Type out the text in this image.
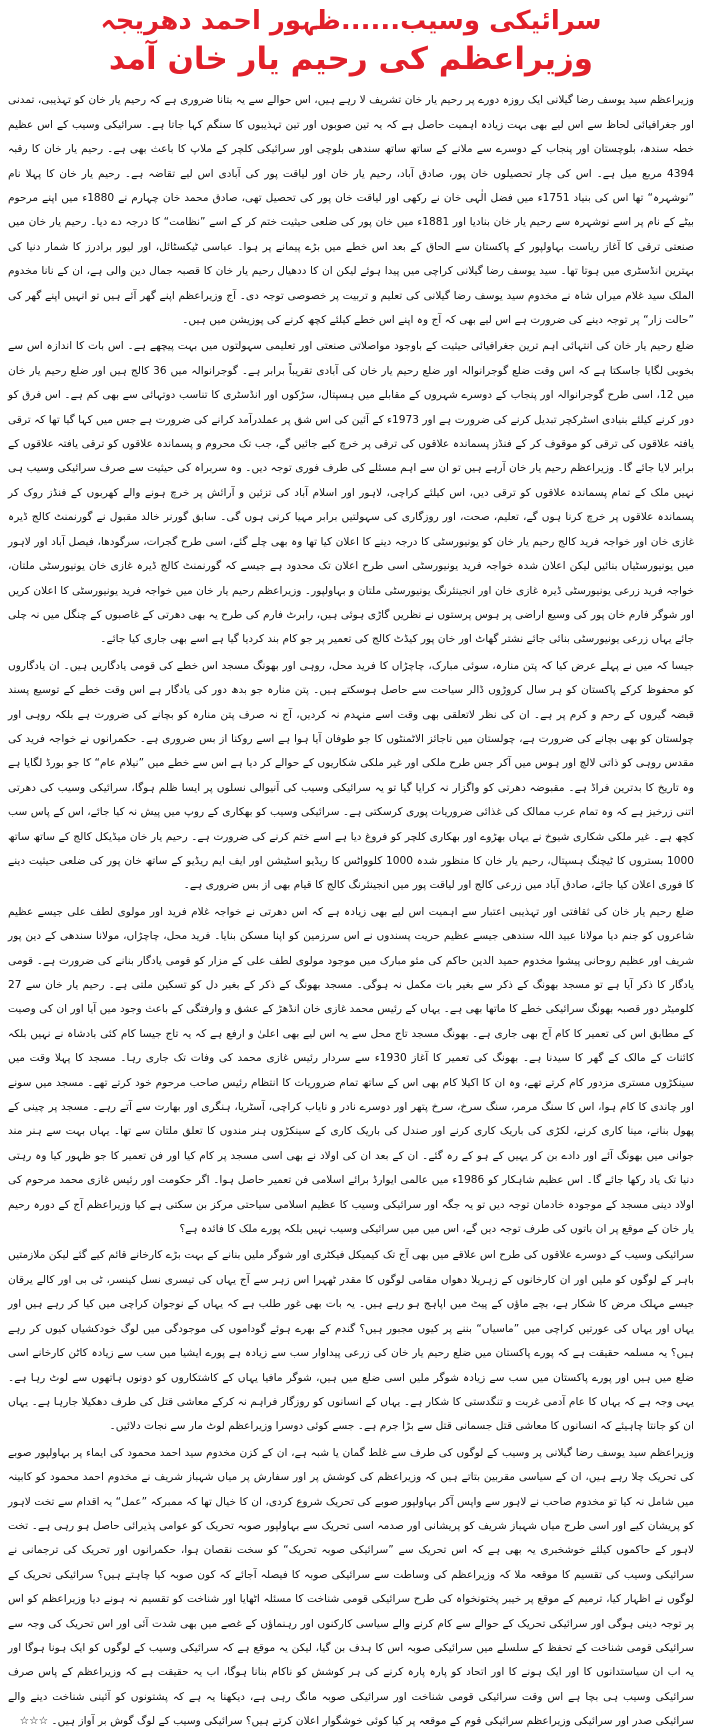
سرائیکی وسیب......ظہور احمد دھریجہ
وزیراعظم کی رحیم یار خان آمد

وزیراعظم سید یوسف رضا گیلانی ایک روزہ دورے پر رحیم یار خان تشریف لا رہے ہیں، اس حوالے سے یہ بتانا ضروری ہے کہ رحیم یار خان کو تہذیبی، تمدنی اور جغرافیائی لحاظ سے اس لیے بھی بہت زیادہ اہمیت حاصل ہے کہ یہ تین صوبوں اور تین تہذیبوں کا سنگم کہا جاتا ہے۔ سرائیکی وسیب کے اس عظیم خطہ سندھ، بلوچستان اور پنجاب کے دوسرے سے ملانے کے ساتھ ساتھ سندھی بلوچی اور سرائیکی کلچر کے ملاپ کا باعث بھی ہے۔ رحیم یار خان کا رقبہ 4394 مربع میل ہے۔ اس کی چار تحصیلوں خان پور، صادق آباد، رحیم یار خان اور لیاقت پور کی آبادی اس لیے تقاضہ ہے۔ رحیم یار خان کا پہلا نام ”نوشہرہ“ تھا اس کی بنیاد 1751ء میں فضل الٰہی خان نے رکھی اور لیاقت خان پور کی تحصیل تھی، صادق محمد خان چہارم نے 1880ء میں اپنے مرحوم بیٹے کے نام پر اسے نوشہرہ سے رحیم یار خان بنادیا اور 1881ء میں خان پور کی ضلعی حیثیت ختم کر کے اسے ”نظامت“ کا درجہ دے دیا۔ رحیم یار خان میں صنعتی ترقی کا آغاز ریاست بہاولپور کے پاکستان سے الحاق کے بعد اس خطے میں بڑے پیمانے پر ہوا۔ عباسی ٹیکسٹائل، اور لیور برادرز کا شمار دنیا کی بہترین انڈسٹری میں ہوتا تھا۔ سید یوسف رضا گیلانی کراچی میں پیدا ہوئے لیکن ان کا ددھیال رحیم یار خان کا قصبہ جمال دین والی ہے، ان کے نانا مخدوم الملک سید غلام میراں شاہ نے مخدوم سید یوسف رضا گیلانی کی تعلیم و تربیت پر خصوصی توجہ دی۔ آج وزیراعظم اپنے گھر آئے ہیں تو انہیں اپنے گھر کی ”حالت زار“ پر توجہ دینے کی ضرورت ہے اس لیے بھی کہ آج وہ اپنے اس خطے کیلئے کچھ کرنے کی پوزیشن میں ہیں۔

ضلع رحیم یار خان کی انتہائی اہم ترین جغرافیائی حیثیت کے باوجود مواصلاتی صنعتی اور تعلیمی سہولتوں میں بہت پیچھے ہے۔ اس بات کا اندازہ اس سے بخوبی لگایا جاسکتا ہے کہ اس وقت ضلع گوجرانوالہ اور ضلع رحیم یار خان کی آبادی تقریباً برابر ہے۔ گوجرانوالہ میں 36 کالج ہیں اور ضلع رحیم یار خان میں 12، اسی طرح گوجرانوالہ اور پنجاب کے دوسرے شہروں کے مقابلے میں ہسپتال، سڑکوں اور انڈسٹری کا تناسب دوتہائی سے بھی کم ہے۔ اس فرق کو دور کرنے کیلئے بنیادی اسٹرکچر تبدیل کرنے کی ضرورت ہے اور 1973ء کے آئین کی اس شق پر عملدرآمد کرانے کی ضرورت ہے جس میں کہا گیا تھا کہ ترقی یافتہ علاقوں کی ترقی کو موقوف کر کے فنڈز پسماندہ علاقوں کی ترقی پر خرچ کیے جائیں گے، جب تک محروم و پسماندہ علاقوں کو ترقی یافتہ علاقوں کے برابر لایا جائے گا۔ وزیراعظم رحیم یار خان آرہے ہیں تو ان سے اہم مسئلے کی طرف فوری توجہ دیں۔ وہ سربراہ کی حیثیت سے صرف سرائیکی وسیب ہی نہیں ملک کے تمام پسماندہ علاقوں کو ترقی دیں، اس کیلئے کراچی، لاہور اور اسلام آباد کی تزئین و آرائش پر خرچ ہونے والے کھربوں کے فنڈز روک کر پسماندہ علاقوں پر خرچ کرنا ہوں گے، تعلیم، صحت، اور روزگاری کی سہولتیں برابر مہیا کرنی ہوں گی۔ سابق گورنر خالد مقبول نے گورنمنٹ کالج ڈیرہ غازی خان اور خواجہ فرید کالج رحیم یار خان کو یونیورسٹی کا درجہ دینے کا اعلان کیا تھا وہ بھی چلے گئے، اسی طرح گجرات، سرگودھا، فیصل آباد اور لاہور میں یونیورسٹیاں بنائیں لیکن اعلان شدہ خواجہ فرید یونیورسٹی اسی طرح اعلان تک محدود ہے جیسے کہ گورنمنٹ کالج ڈیرہ غازی خان یونیورسٹی ملتان، خواجہ فرید زرعی یونیورسٹی ڈیرہ غازی خان اور انجینئرنگ یونیورسٹی ملتان و بہاولپور۔ وزیراعظم رحیم یار خان میں خواجہ فرید یونیورسٹی کا اعلان کریں اور شوگر فارم خان پور کی وسیع اراضی پر ہوس پرستوں نے نظریں گاڑی ہوئی ہیں، رابرٹ فارم کی طرح یہ بھی دھرتی کے غاصبوں کے چنگل میں نہ چلی جائے یہاں زرعی یونیورسٹی بنائی جائے نشتر گھاٹ اور خان پور کیڈٹ کالج کی تعمیر پر جو کام بند کردیا گیا ہے اسے بھی جاری کیا جائے۔

جیسا کہ میں نے پہلے عرض کیا کہ پتن منارہ، سوئی مبارک، چاچڑاں کا فرید محل، روہی اور بھونگ مسجد اس خطے کی قومی یادگاریں ہیں۔ ان یادگاروں کو محفوظ کرکے پاکستان کو ہر سال کروڑوں ڈالر سیاحت سے حاصل ہوسکتے ہیں۔ پتن منارہ جو بدھ دور کی یادگار ہے اس وقت خطے کے توسیع پسند قبضہ گیروں کے رحم و کرم پر ہے۔ ان کی نظر لاتعلقی بھی وقت اسے منہدم نہ کردیں، آج نہ صرف پتن منارہ کو بچانے کی ضرورت ہے بلکہ روہی اور چولستان کو بھی بچانے کی ضرورت ہے، چولستان میں ناجائز الاٹمنٹوں کا جو طوفان آیا ہوا ہے اسے روکنا از بس ضروری ہے۔ حکمرانوں نے خواجہ فرید کی مقدس روہی کو ذاتی لالچ اور ہوس میں آکر جس طرح ملکی اور غیر ملکی شکاریوں کے حوالے کر دیا ہے اس سے خطے میں ”نیلام عام“ کا جو بورڈ لگایا ہے وہ تاریخ کا بدترین فراڈ ہے۔ مقبوضہ دھرتی کو واگزار نہ کرایا گیا تو یہ سرائیکی وسیب کی آنیوالی نسلوں پر ایسا ظلم ہوگا، سرائیکی وسیب کی دھرتی اتنی زرخیز ہے کہ وہ تمام عرب ممالک کی غذائی ضروریات پوری کرسکتی ہے۔ سرائیکی وسیب کو بھکاری کے روپ میں پیش نہ کیا جائے، اس کے پاس سب کچھ ہے۔ غیر ملکی شکاری شیوخ نے یہاں بھڑوے اور بھکاری کلچر کو فروغ دیا ہے اسے ختم کرنے کی ضرورت ہے۔ رحیم یار خان میڈیکل کالج کے ساتھ ساتھ 1000 بستروں کا ٹیچنگ ہسپتال، رحیم یار خان کا منظور شدہ 1000 کلوواٹس کا ریڈیو اسٹیشن اور ایف ایم ریڈیو کے ساتھ خان پور کی ضلعی حیثیت دینے کا فوری اعلان کیا جائے، صادق آباد میں زرعی کالج اور لیاقت پور میں انجینئرنگ کالج کا قیام بھی از بس ضروری ہے۔

ضلع رحیم یار خان کی ثقافتی اور تہذیبی اعتبار سے اہمیت اس لیے بھی زیادہ ہے کہ اس دھرتی نے خواجہ غلام فرید اور مولوی لطف علی جیسے عظیم شاعروں کو جنم دیا مولانا عبید اللہ سندھی جیسے عظیم حریت پسندوں نے اس سرزمین کو اپنا مسکن بنایا۔ فرید محل، چاچڑاں، مولانا سندھی کے دین پور شریف اور عظیم روحانی پیشوا مخدوم حمید الدین حاکم کی مئو مبارک میں موجود مولوی لطف علی کے مزار کو قومی یادگار بنانے کی ضرورت ہے۔ قومی یادگار کا ذکر آیا ہے تو مسجد بھونگ کے ذکر سے بغیر بات مکمل نہ ہوگی۔ مسجد بھونگ کے ذکر کے بغیر دل کو تسکین ملتی ہے۔ رحیم یار خان سے 27 کلومیٹر دور قصبہ بھونگ سرائیکی خطے کا ماتھا بھی ہے۔ یہاں کے رئیس محمد غازی خان انڈھڑ کے عشق و وارفتگی کے باعث وجود میں آیا اور ان کی وصیت کے مطابق اس کی تعمیر کا کام آج بھی جاری ہے۔ بھونگ مسجد تاج محل سے یہ اس لیے بھی اعلیٰ و ارفع ہے کہ یہ تاج جیسا کام کئی بادشاہ نے نہیں بلکہ کائنات کے مالک کے گھر کا سیدنا ہے۔ بھونگ کی تعمیر کا آغاز 1930ء سے سردار رئیس غازی محمد کی وفات تک جاری رہا۔ مسجد کا پہلا وقت میں سینکڑوں مستری مزدور کام کرتے تھے، وہ ان کا اکیلا کام بھی اس کے ساتھ تمام ضروریات کا انتظام رئیس صاحب مرحوم خود کرتے تھے۔ مسجد میں سونے اور چاندی کا کام ہوا، اس کا سنگ مرمر، سنگ سرخ، سرخ پتھر اور دوسرے نادر و نایاب کراچی، آسٹریا، ہنگری اور بھارت سے آتے رہے۔ مسجد پر چینی کے پھول بنانے، مینا کاری کرنے، لکڑی کی باریک کاری کرنے اور صندل کی باریک کاری کے سینکڑوں ہنر مندوں کا تعلق ملتان سے تھا۔ یہاں بہت سے ہنر مند جوانی میں بھونگ آئے اور دادے بن کر یہیں کے ہو کے رہ گئے۔ ان کے بعد ان کی اولاد نے بھی اسی مسجد پر کام کیا اور فن تعمیر کا جو ظہور کیا وہ رہتی دنیا تک یاد رکھا جائے گا۔ اس عظیم شاہکار کو 1986ء میں عالمی ایوارڈ برائے اسلامی فن تعمیر حاصل ہوا۔ اگر حکومت اور رئیس غازی محمد مرحوم کی اولاد دینی مسجد کے موجودہ خادمان توجہ دیں تو یہ جگہ اور سرائیکی وسیب کا عظیم اسلامی سیاحتی مرکز بن سکتی ہے کیا وزیراعظم آج کے دورہ رحیم یار خان کے موقع پر ان باتوں کی طرف توجہ دیں گے، اس میں میں سرائیکی وسیب نہیں بلکہ پورے ملک کا فائدہ ہے؟

سرائیکی وسیب کے دوسرے علاقوں کی طرح اس علاقے میں بھی آج تک کیمیکل فیکٹری اور شوگر ملیں بنانے کے بہت بڑے کارخانے قائم کیے گئے لیکن ملازمتیں باہر کے لوگوں کو ملیں اور ان کارخانوں کے زہریلا دھواں مقامی لوگوں کا مقدر ٹھہرا اس زہر سے آج یہاں کی تیسری نسل کینسر، ٹی بی اور کالے یرقان جیسے مہلک مرض کا شکار ہے، بچے ماؤں کے پیٹ میں اپاہج ہو رہے ہیں۔ یہ بات بھی غور طلب ہے کہ یہاں کے نوجوان کراچی میں کیا کر رہے ہیں اور یہاں اور یہاں کی عورتیں کراچی میں ”ماسیاں“ بننے پر کیوں مجبور ہیں؟ گندم کے بھرے ہوئے گوداموں کی موجودگی میں لوگ خودکشیاں کیوں کر رہے ہیں؟ یہ مسلمہ حقیقت ہے کہ پورے پاکستان میں ضلع رحیم یار خان کی زرعی پیداوار سب سے زیادہ ہے پورے ایشیا میں سب سے زیادہ کاٹن کارخانے اسی ضلع میں ہیں اور پورے پاکستان میں سب سے زیادہ شوگر ملیں اسی ضلع میں ہیں، شوگر مافیا یہاں کے کاشتکاروں کو دونوں ہاتھوں سے لوٹ رہا ہے۔ یہی وجہ ہے کہ یہاں کا عام آدمی غربت و تنگدستی کا شکار ہے۔ یہاں کے انسانوں کو روزگار فراہم نہ کرکے معاشی قتل کی طرف دھکیلا جارہا ہے۔ یہاں ان کو جانتا چاہیئے کہ انسانوں کا معاشی قتل جسمانی قتل سے بڑا جرم ہے۔ جسے کوئی دوسرا وزیراعظم لوٹ مار سے نجات دلائیں۔

وزیراعظم سید یوسف رضا گیلانی پر وسیب کے لوگوں کی طرف سے غلط گمان یا شبہ ہے، ان کے کزن مخدوم سید احمد محمود کی ایماء پر بہاولپور صوبے کی تحریک چلا رہے ہیں، ان کے سیاسی مقربین بتاتے ہیں کہ وزیراعظم کی کوشش پر اور سفارش پر میاں شہباز شریف نے مخدوم احمد محمود کو کابینہ میں شامل نہ کیا تو مخدوم صاحب نے لاہور سے واپس آکر بہاولپور صوبے کی تحریک شروع کردی، ان کا خیال تھا کہ ممبرکہ ”عمل“ یہ اقدام سے تخت لاہور کو پریشان کیے اور اسی طرح میاں شہباز شریف کو پریشانی اور صدمہ اسی تحریک سے بہاولپور صوبہ تحریک کو عوامی پذیرائی حاصل ہو رہی ہے۔ تخت لاہور کے حاکموں کیلئے خوشخبری یہ بھی ہے کہ اس تحریک سے ”سرائیکی صوبہ تحریک“ کو سخت نقصان ہوا، حکمرانوں اور تحریک کی ترجمانی نے سرائیکی وسیب کی تقسیم کا موقعہ ملا کہ وزیراعظم کی وساطت سے سرائیکی صوبہ کا فیصلہ آجائے کہ کون صوبہ کیا چاہتے ہیں؟ سرائیکی تحریک کے لوگوں نے اظہار کیا، ترمیم کے موقع پر خیبر پختونخواہ کی طرح سرائیکی قومی شناخت کا مسئلہ اٹھایا اور شناخت کو تقسیم نہ ہونے دیا وزیراعظم کو اس پر توجہ دینی ہوگی اور سرائیکی تحریک کے حوالے سے کام کرنے والے سیاسی کارکنوں اور رہنماؤں کے غصے میں بھی شدت آئی اور اس تحریک کی وجہ سے سرائیکی قومی شناخت کے تحفظ کے سلسلے میں سرائیکی صوبہ اس کا ہدف بن گیا، لیکن یہ موقع ہے کہ سرائیکی وسیب کے لوگوں کو ایک ہونا ہوگا اور یہ اب ان سیاستدانوں کا اور ایک ہونے کا اور اتحاد کو پارہ پارہ کرنے کی ہر کوشش کو ناکام بنانا ہوگا، اب یہ حقیقت ہے کہ وزیراعظم کے پاس صرف سرائیکی وسیب ہی بچا ہے اس وقت سرائیکی قومی شناخت اور سرائیکی صوبہ مانگ رہی ہے، دیکھنا یہ ہے کہ پشتونوں کو آئینی شناخت دینے والے سرائیکی صدر اور سرائیکی وزیراعظم سرائیکی قوم کے موقعہ پر کیا کوئی خوشگوار اعلان کرتے ہیں؟ سرائیکی وسیب کے لوگ گوش بر آواز ہیں۔ ☆☆☆
